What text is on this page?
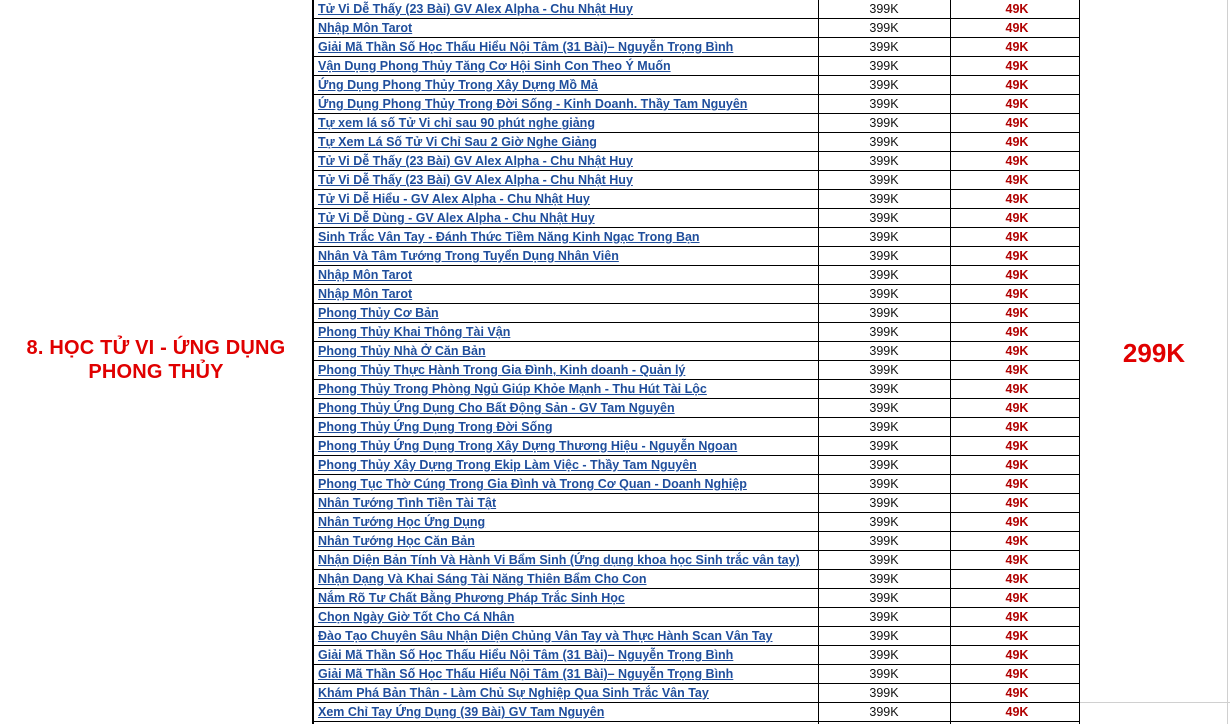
8. HỌC TỬ VI - ỨNG DỤNG PHONG THỦY
299K
Tử Vi Dễ Thấy (23 Bài) GV Alex Alpha - Chu Nhật Huy	399K	49K
Nhập Môn Tarot	399K	49K
Giải Mã Thần Số Học Thấu Hiểu Nội Tâm (31 Bài)– Nguyễn Trọng Bình	399K	49K
Vận Dụng Phong Thủy Tăng Cơ Hội Sinh Con Theo Ý Muốn	399K	49K
Ứng Dụng Phong Thủy Trong Xây Dựng Mồ Mả	399K	49K
Ứng Dụng Phong Thủy Trong Đời Sống - Kinh Doanh. Thầy Tam Nguyên	399K	49K
Tự xem lá số Tử Vi chỉ sau 90 phút nghe giảng	399K	49K
Tự Xem Lá Số Tử Vi Chỉ Sau 2 Giờ Nghe Giảng	399K	49K
Tử Vi Dễ Thấy (23 Bài) GV Alex Alpha - Chu Nhật Huy	399K	49K
Tử Vi Dễ Thấy (23 Bài) GV Alex Alpha - Chu Nhật Huy	399K	49K
Tử Vi Dễ Hiểu - GV Alex Alpha - Chu Nhật Huy	399K	49K
Tử Vi Dễ Dùng - GV Alex Alpha - Chu Nhật Huy	399K	49K
Sinh Trắc Vân Tay - Đánh Thức Tiềm Năng Kinh Ngạc Trong Bạn	399K	49K
Nhân Và Tâm Tướng Trong Tuyển Dụng Nhân Viên	399K	49K
Nhập Môn Tarot	399K	49K
Nhập Môn Tarot	399K	49K
Phong Thủy Cơ Bản	399K	49K
Phong Thủy Khai Thông Tài Vận	399K	49K
Phong Thủy Nhà Ở Căn Bản	399K	49K
Phong Thủy Thực Hành Trong Gia Đình, Kinh doanh - Quản lý	399K	49K
Phong Thủy Trong Phòng Ngủ Giúp Khỏe Mạnh - Thu Hút Tài Lộc	399K	49K
Phong Thủy Ứng Dụng Cho Bất Động Sản - GV Tam Nguyên	399K	49K
Phong Thủy Ứng Dụng Trong Đời Sống	399K	49K
Phong Thủy Ứng Dụng Trong Xây Dựng Thương Hiệu - Nguyễn Ngoan	399K	49K
Phong Thủy Xây Dựng Trong Ekip Làm Việc - Thầy Tam Nguyên	399K	49K
Phong Tục Thờ Cúng Trong Gia Đình và Trong Cơ Quan - Doanh Nghiệp	399K	49K
Nhân Tướng Tình Tiền Tài Tật	399K	49K
Nhân Tướng Học Ứng Dụng	399K	49K
Nhân Tướng Học Căn Bản	399K	49K
Nhận Diện Bản Tính Và Hành Vi Bẩm Sinh (Ứng dụng khoa học Sinh trắc vân tay)	399K	49K
Nhận Dạng Và Khai Sáng Tài Năng Thiên Bẩm Cho Con	399K	49K
Nắm Rõ Tư Chất Bằng Phương Pháp Trắc Sinh Học	399K	49K
Chọn Ngày Giờ Tốt Cho Cá Nhân	399K	49K
Đào Tạo Chuyên Sâu Nhận Diện Chủng Vân Tay và Thực Hành Scan Vân Tay	399K	49K
Giải Mã Thần Số Học Thấu Hiểu Nội Tâm (31 Bài)– Nguyễn Trọng Bình	399K	49K
Giải Mã Thần Số Học Thấu Hiểu Nội Tâm (31 Bài)– Nguyễn Trọng Bình	399K	49K
Khám Phá Bản Thân - Làm Chủ Sự Nghiệp Qua Sinh Trắc Vân Tay	399K	49K
Xem Chỉ Tay Ứng Dụng (39 Bài) GV Tam Nguyên	399K	49K
